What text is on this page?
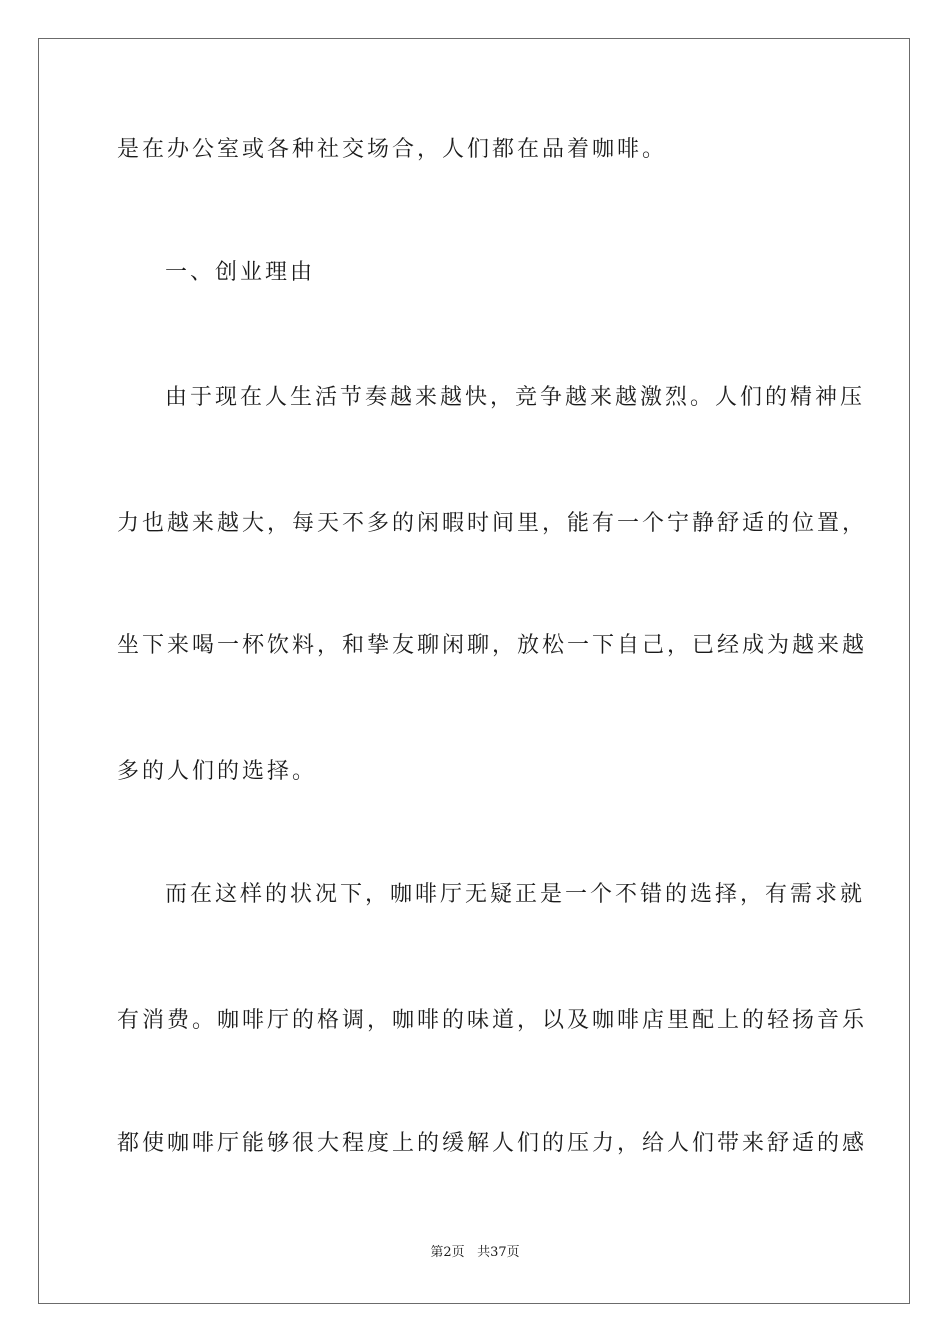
是在办公室或各种社交场合，人们都在品着咖啡。
一、创业理由
由于现在人生活节奏越来越快，竞争越来越激烈。人们的精神压
力也越来越大，每天不多的闲暇时间里，能有一个宁静舒适的位置，
坐下来喝一杯饮料，和挚友聊闲聊，放松一下自己，已经成为越来越
多的人们的选择。
而在这样的状况下，咖啡厅无疑正是一个不错的选择，有需求就
有消费。咖啡厅的格调，咖啡的味道，以及咖啡店里配上的轻扬音乐
都使咖啡厅能够很大程度上的缓解人们的压力，给人们带来舒适的感
第2页 共37页
